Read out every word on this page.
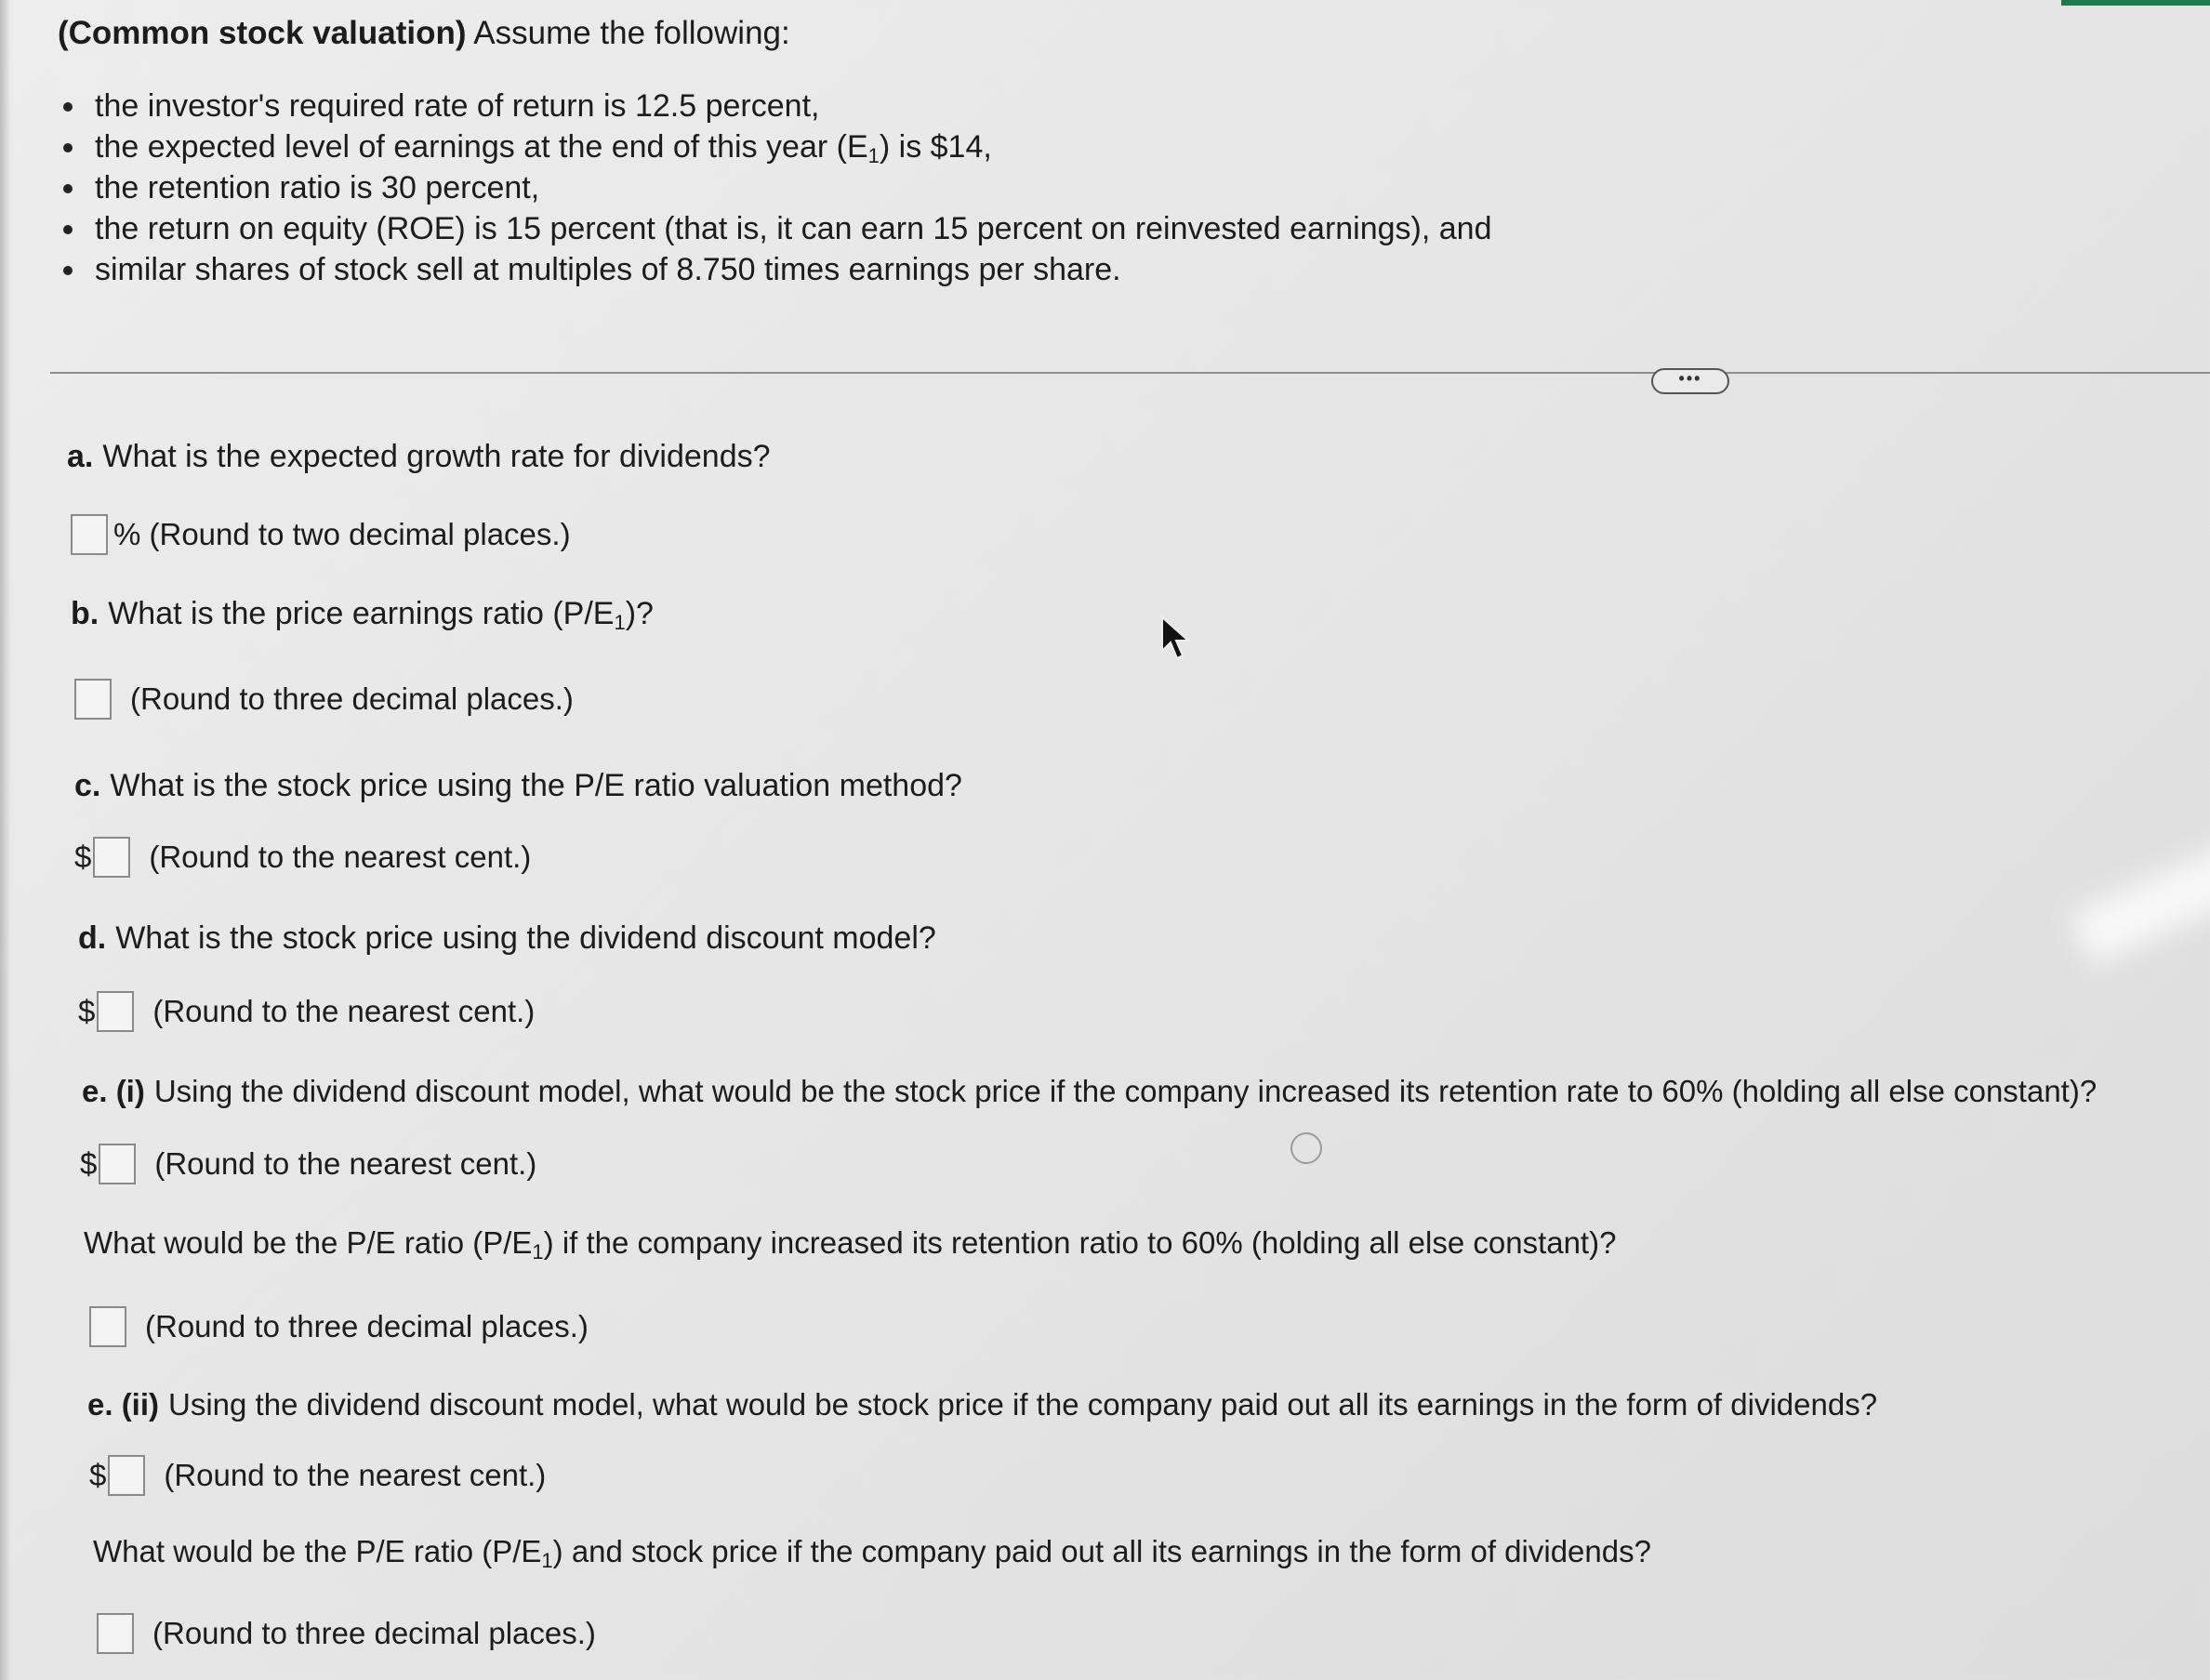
(Common stock valuation) Assume the following:
the investor's required rate of return is 12.5 percent,
the expected level of earnings at the end of this year $(E_1)$ is $14,
the retention ratio is 30 percent,
the return on equity (ROE) is 15 percent (that is, it can earn 15 percent on reinvested earnings), and
similar shares of stock sell at multiples of 8.750 times earnings per share.
•••
a. What is the expected growth rate for dividends?
% (Round to two decimal places.)
b. What is the price earnings ratio $(P/E_1)$?
(Round to three decimal places.)
c. What is the stock price using the P/E ratio valuation method?
$ (Round to the nearest cent.)
d. What is the stock price using the dividend discount model?
$ (Round to the nearest cent.)
e. (i) Using the dividend discount model, what would be the stock price if the company increased its retention rate to 60% (holding all else constant)?
$ (Round to the nearest cent.)
What would be the P/E ratio $(P/E_1)$ if the company increased its retention ratio to 60% (holding all else constant)?
(Round to three decimal places.)
e. (ii) Using the dividend discount model, what would be stock price if the company paid out all its earnings in the form of dividends?
$ (Round to the nearest cent.)
What would be the P/E ratio $(P/E_1)$ and stock price if the company paid out all its earnings in the form of dividends?
(Round to three decimal places.)
